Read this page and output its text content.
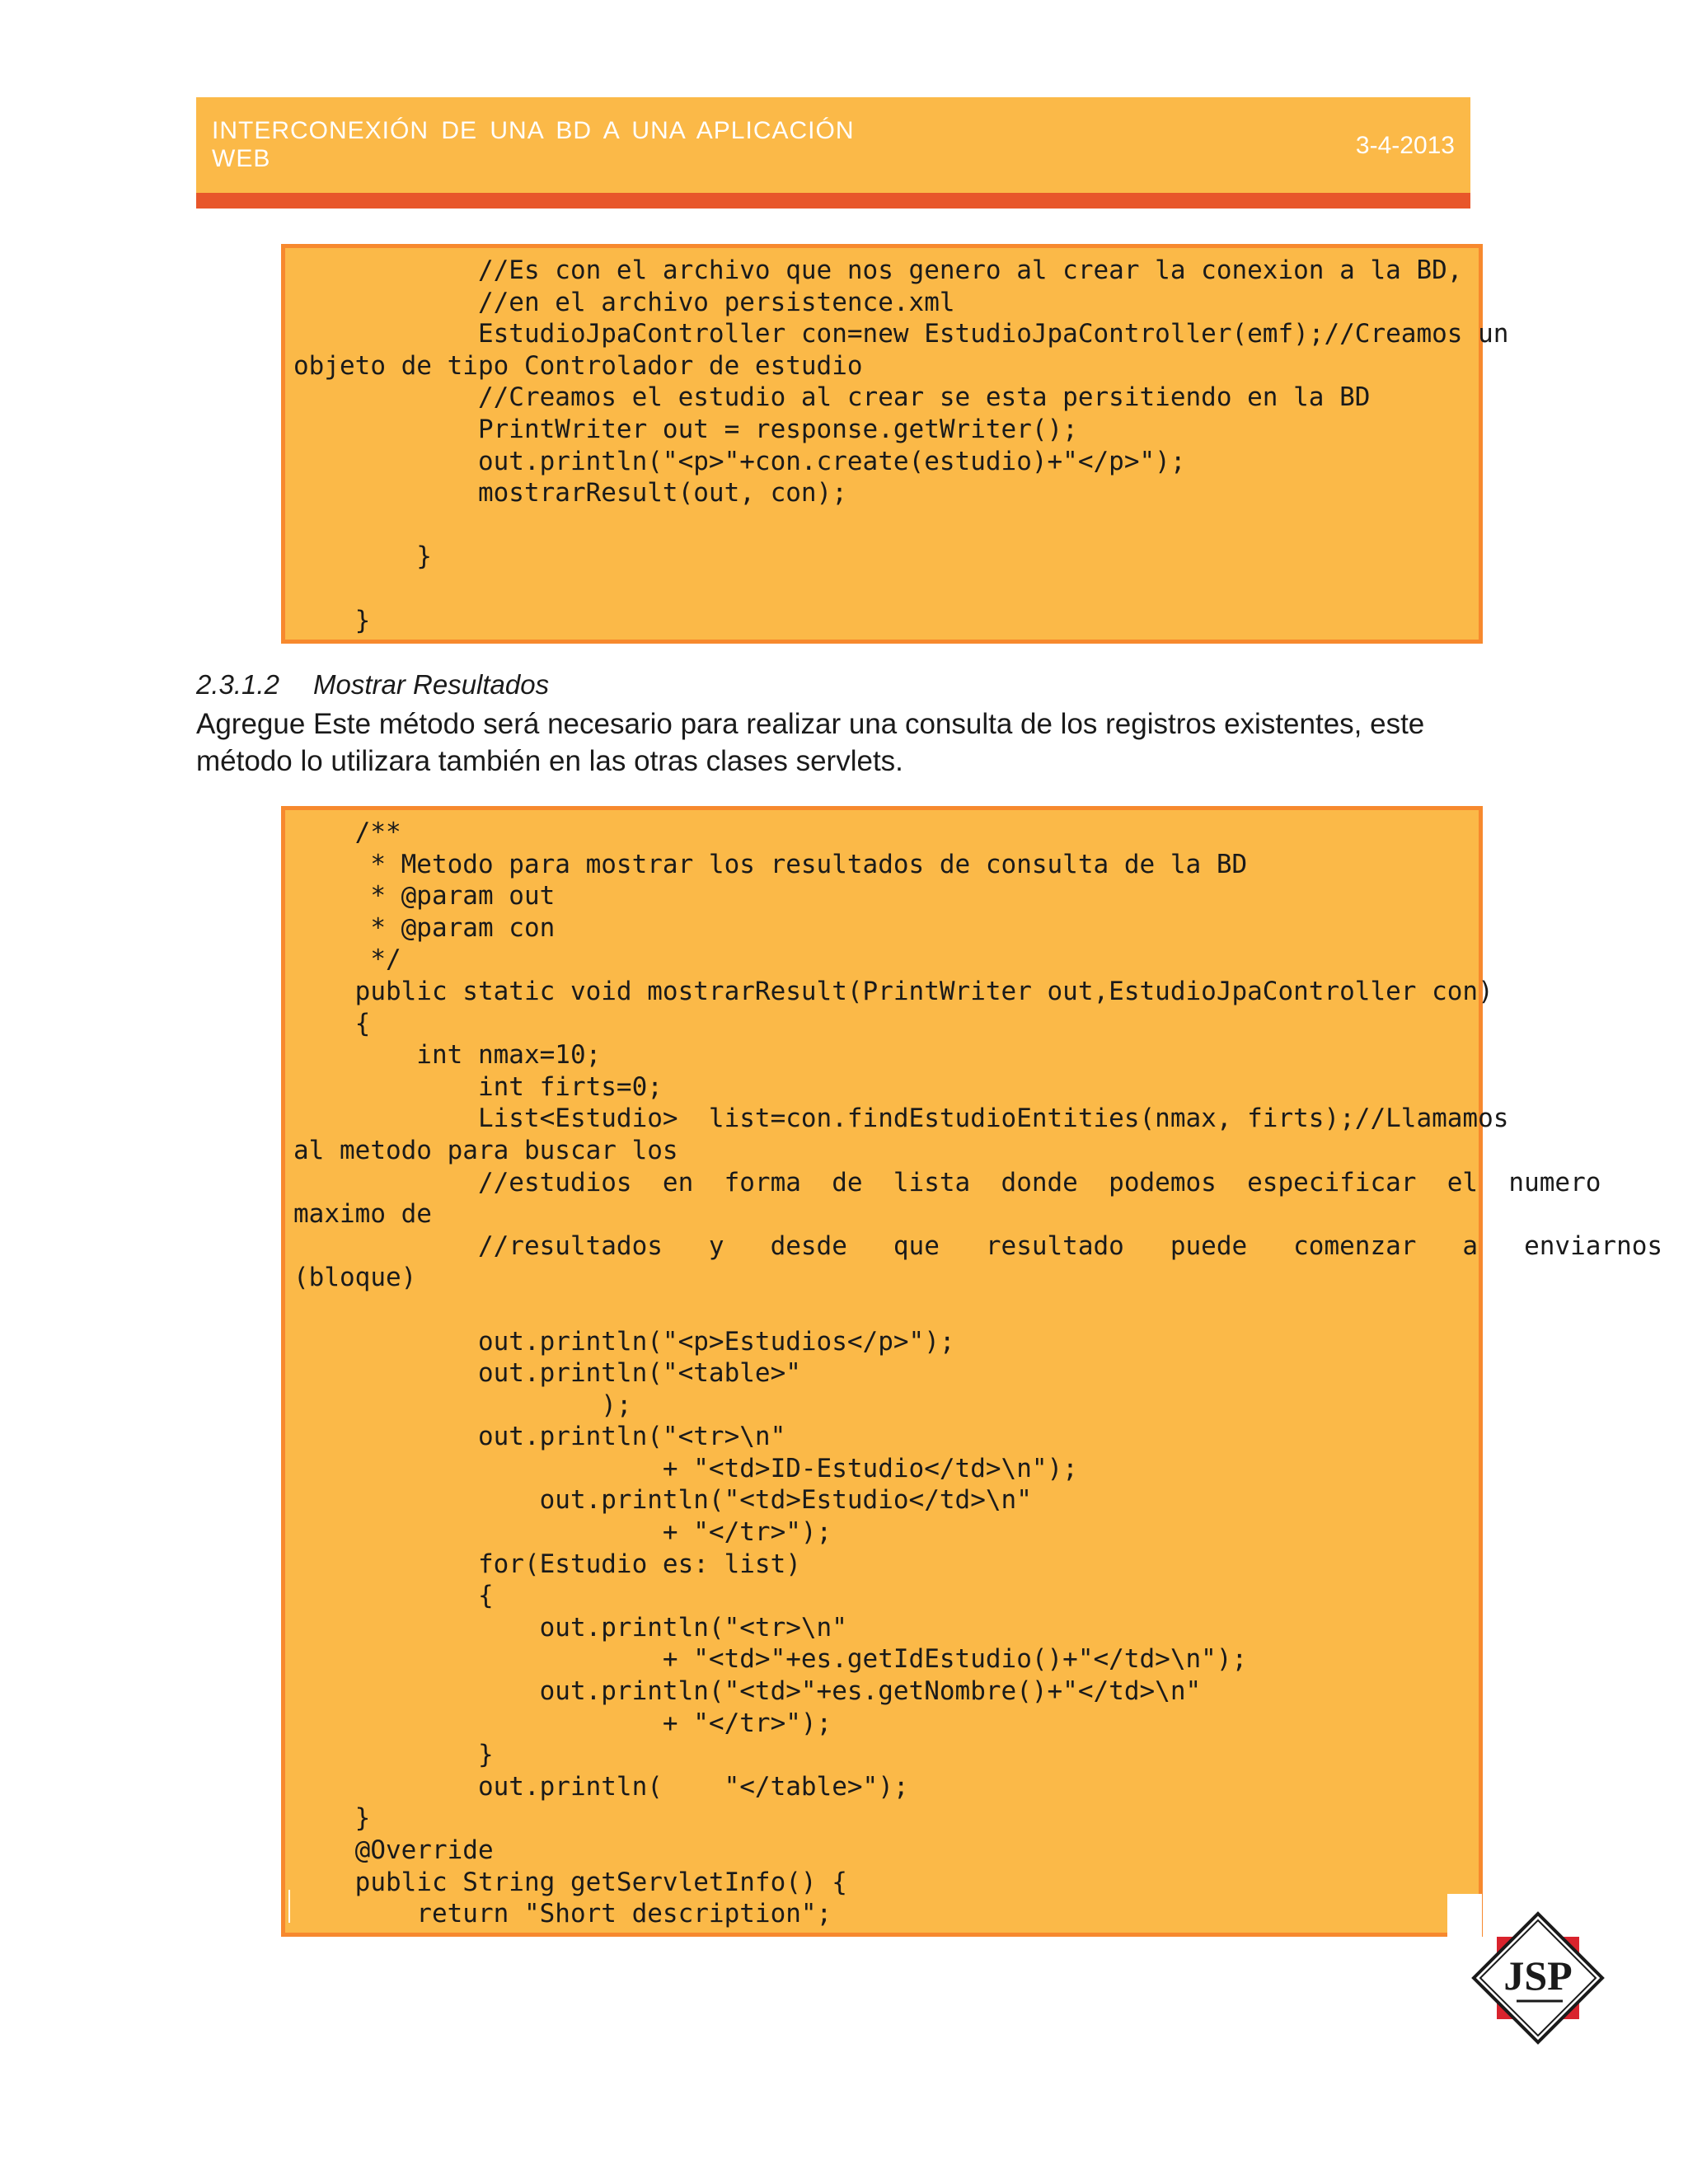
INTERCONEXIÓN DE UNA BD A UNA APLICACIÓN WEB	3-4-2013
//Es con el archivo que nos genero al crear la conexion a la BD,
//en el archivo persistence.xml
EstudioJpaController con=new EstudioJpaController(emf);//Creamos un
objeto de tipo Controlador de estudio
//Creamos el estudio al crear se esta persitiendo en la BD
PrintWriter out = response.getWriter();
out.println("<p>"+con.create(estudio)+"</p>");
mostrarResult(out, con);

}

}
2.3.1.2 Mostrar Resultados

Agregue Este método será necesario para realizar una consulta de los registros existentes, este método lo utilizara también en las otras clases servlets.

/**
* Metodo para mostrar los resultados de consulta de la BD
* @param out
* @param con
*/
public static void mostrarResult(PrintWriter out,EstudioJpaController con)
{
int nmax=10;
int firts=0;
List<Estudio>  list=con.findEstudioEntities(nmax, firts);//Llamamos
al metodo para buscar los
//estudios  en  forma  de  lista  donde  podemos  especificar  el  numero
maximo de
//resultados   y   desde   que   resultado   puede   comenzar   a   enviarnos
(bloque)

out.println("<p>Estudios</p>");
out.println("<table>"
);
out.println("<tr>\n"
+ "<td>ID-Estudio</td>\n");
out.println("<td>Estudio</td>\n"
+ "</tr>");
for(Estudio es: list)
{
out.println("<tr>\n"
+ "<td>"+es.getIdEstudio()+"</td>\n");
out.println("<td>"+es.getNombre()+"</td>\n"
+ "</tr>");
}
out.println(    "</table>");
}
@Override
public String getServletInfo() {
return "Short description";
JSP
